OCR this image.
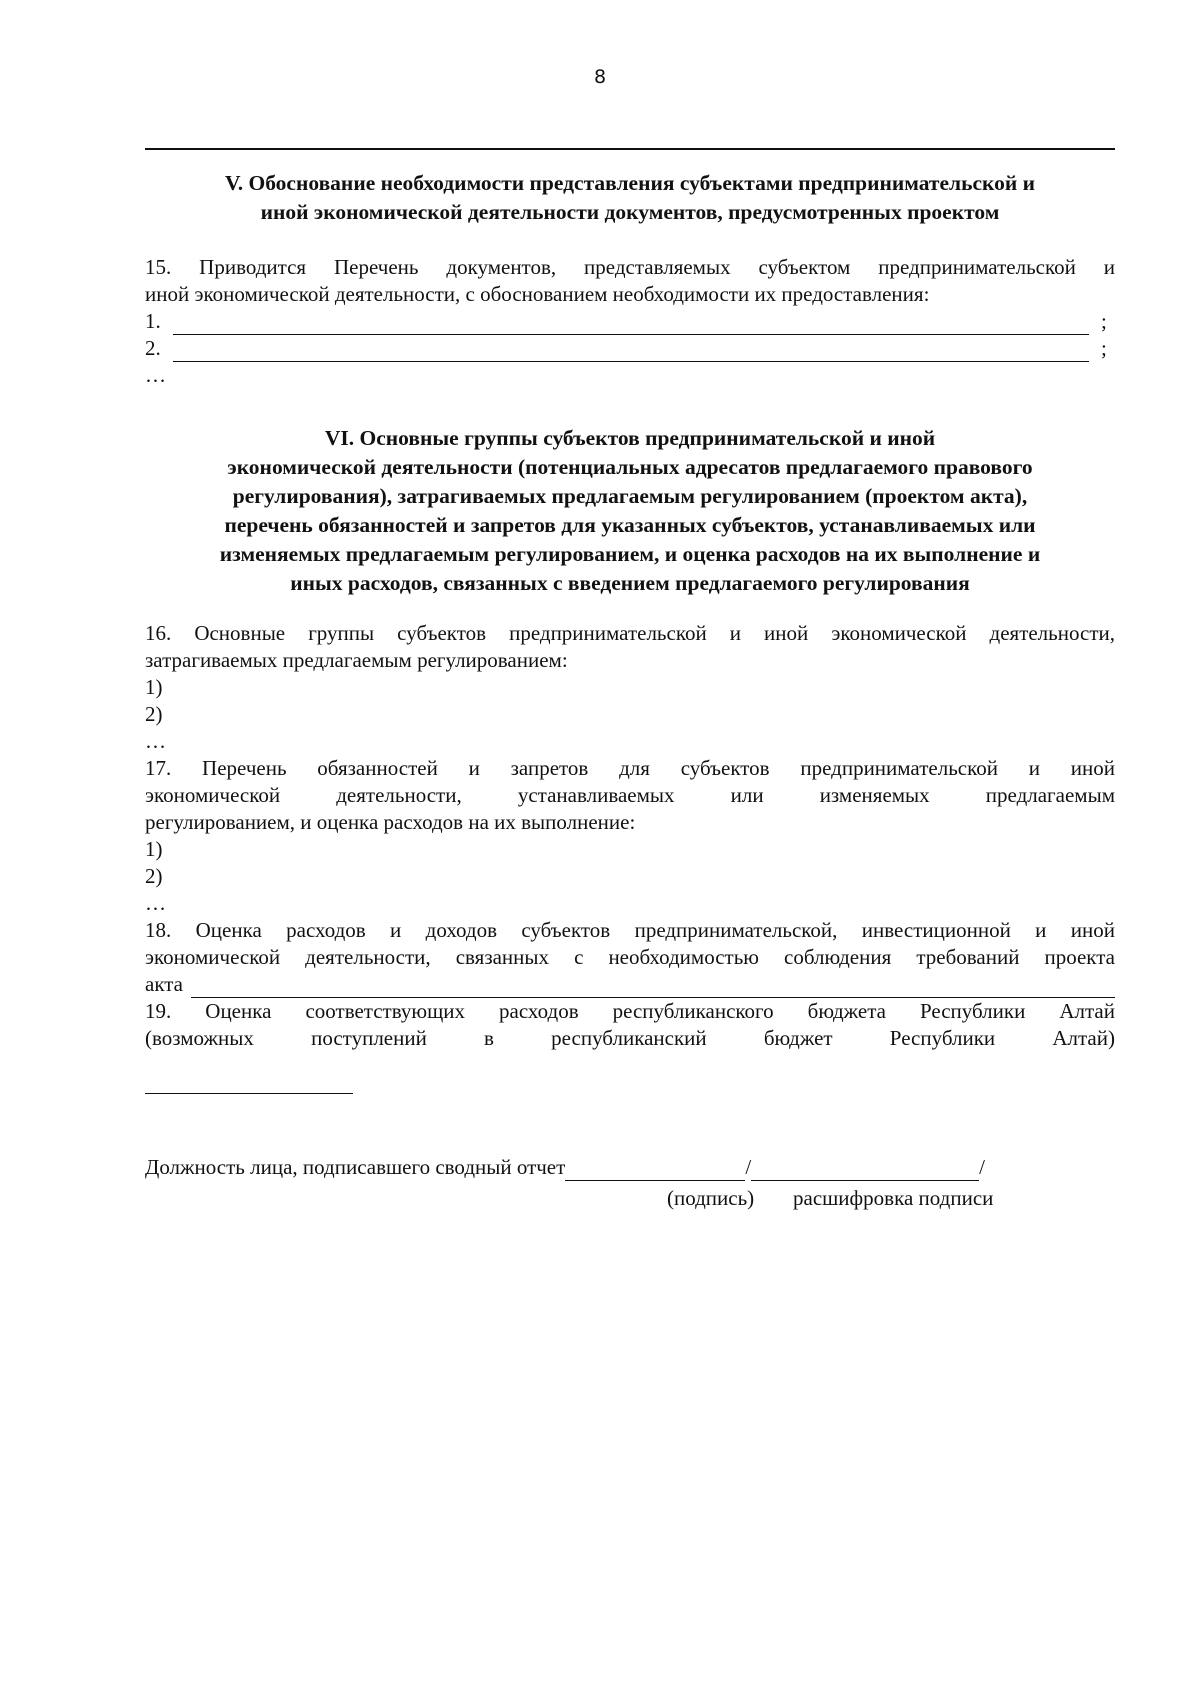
8
V. Обоснование необходимости представления субъектами предпринимательской и
иной экономической деятельности документов, предусмотренных проектом
15. Приводится Перечень документов, представляемых субъектом предпринимательской и
иной экономической деятельности, с обоснованием необходимости их предоставления:
1.	;
2.	;
…
VI. Основные группы субъектов предпринимательской и иной
экономической деятельности (потенциальных адресатов предлагаемого правового
регулирования), затрагиваемых предлагаемым регулированием (проектом акта),
перечень обязанностей и запретов для указанных субъектов, устанавливаемых или
изменяемых предлагаемым регулированием, и оценка расходов на их выполнение и
иных расходов, связанных с введением предлагаемого регулирования
16. Основные группы субъектов предпринимательской и иной экономической деятельности,
затрагиваемых предлагаемым регулированием:
1)
2)
…
17. Перечень обязанностей и запретов для субъектов предпринимательской и иной
экономической деятельности, устанавливаемых или изменяемых предлагаемым
регулированием, и оценка расходов на их выполнение:
1)
2)
…
18. Оценка расходов и доходов субъектов предпринимательской, инвестиционной и иной
экономической деятельности, связанных с необходимостью соблюдения требований проекта
акта
19. Оценка соответствующих расходов республиканского бюджета Республики Алтай
(возможных поступлений в республиканский бюджет Республики Алтай)
Должность лица, подписавшего сводный отчет	/	/
(подпись) расшифровка подписи
